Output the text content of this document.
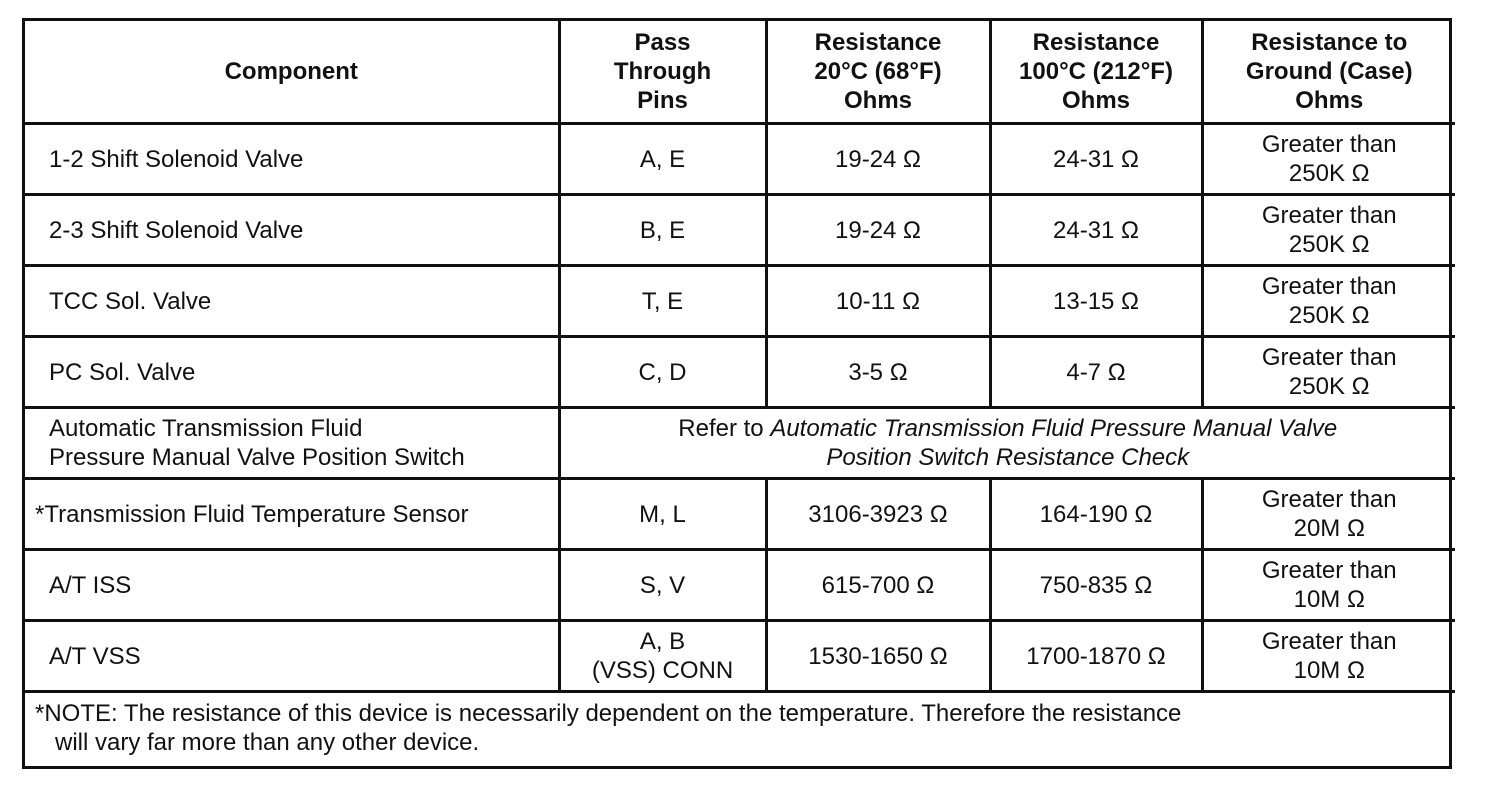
Component	Pass
Through
Pins	Resistance
20°C (68°F)
Ohms	Resistance
100°C (212°F)
Ohms	Resistance to
Ground (Case)
Ohms

1-2 Shift Solenoid Valve	A, E	19-24 Ω	24-31 Ω	Greater than
250K Ω

2-3 Shift Solenoid Valve	B, E	19-24 Ω	24-31 Ω	Greater than
250K Ω

TCC Sol. Valve	T, E	10-11 Ω	13-15 Ω	Greater than
250K Ω

PC Sol. Valve	C, D	3-5 Ω	4-7 Ω	Greater than
250K Ω

Automatic Transmission Fluid
Pressure Manual Valve Position Switch	Refer to Automatic Transmission Fluid Pressure Manual Valve
Position Switch Resistance Check			

*Transmission Fluid Temperature Sensor	M, L	3106-3923 Ω	164-190 Ω	Greater than
20M Ω

A/T ISS	S, V	615-700 Ω	750-835 Ω	Greater than
10M Ω

A/T VSS	A, B
(VSS) CONN	1530-1650 Ω	1700-1870 Ω	Greater than
10M Ω

*NOTE: The resistance of this device is necessarily dependent on the temperature. Therefore the resistance
will vary far more than any other device.				
